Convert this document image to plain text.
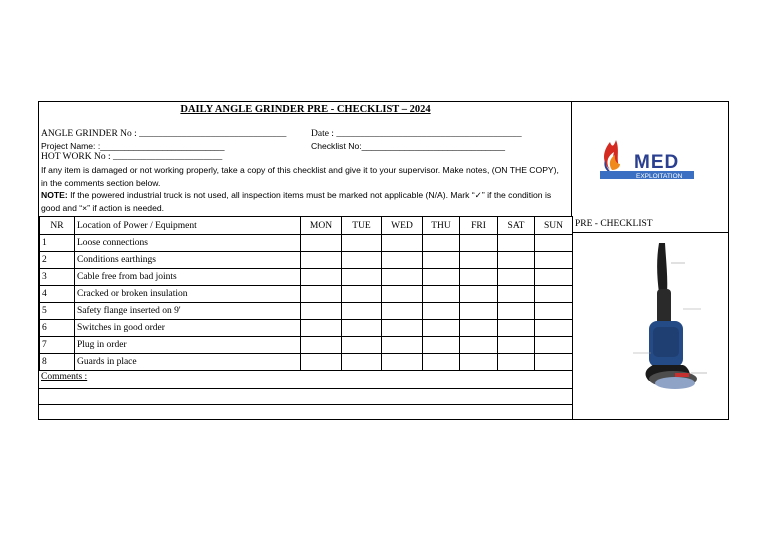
DAILY ANGLE GRINDER PRE - CHECKLIST – 2024
ANGLE GRINDER No : _______________________________	Date : _______________________________________
Project Name: :__________________________	Checklist No:______________________________
HOT WORK No : _______________________
If any item is damaged or not working properly, take a copy of this checklist and give it to your supervisor. Make notes, (ON THE COPY), in the comments section below.
NOTE: If the powered industrial truck is not used, all inspection items must be marked not applicable (N/A). Mark “✓” if the condition is good and “×” if action is needed.
MED
EXPLOITATION
NR	Location of Power / Equipment	MON	TUE	WED	THU	FRI	SAT	SUN
1	Loose connections							
2	Conditions earthings							
3	Cable free from bad joints							
4	Cracked or broken insulation							
5	Safety flange inserted on 9'							
6	Switches in good order							
7	Plug in order							
8	Guards in place							
Comments :
PRE - CHECKLIST
